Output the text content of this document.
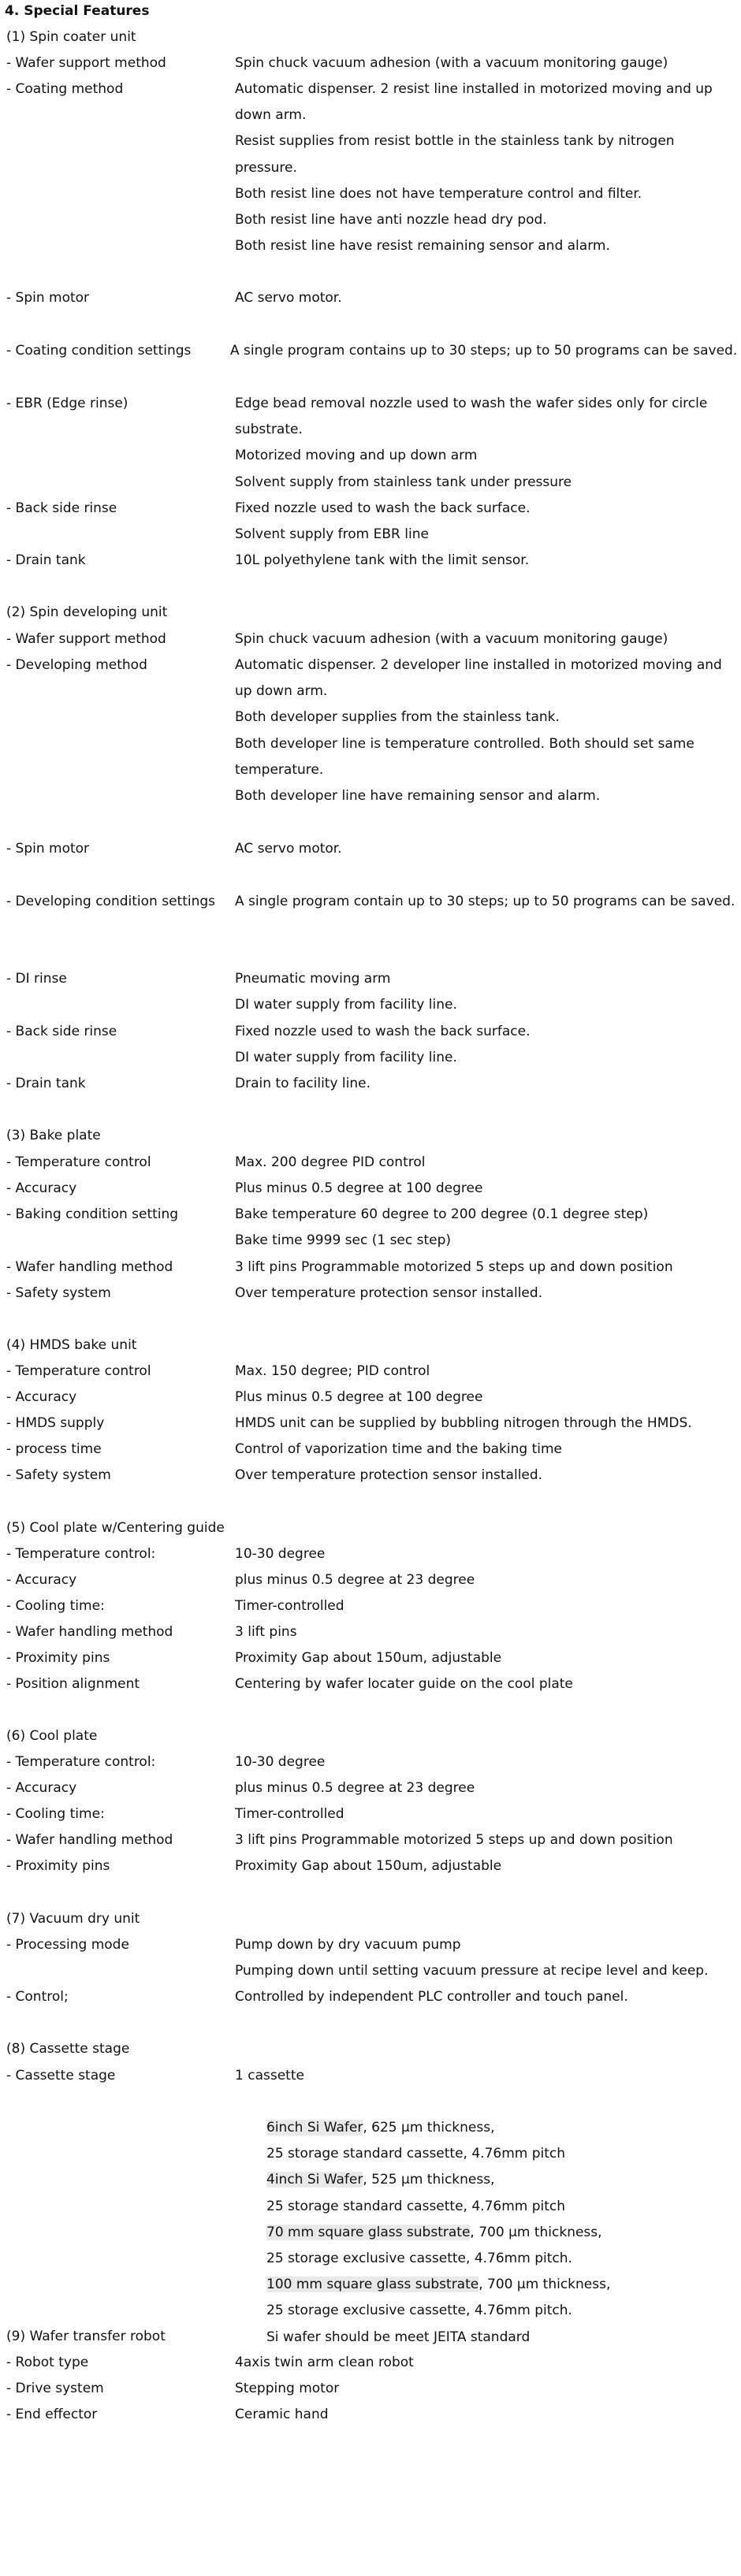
4. Special Features
(1) Spin coater unit
- Wafer support method	Spin chuck vacuum adhesion (with a vacuum monitoring gauge)
- Coating method	Automatic dispenser. 2 resist line installed in motorized moving and up
down arm.
Resist supplies from resist bottle in the stainless tank by nitrogen
pressure.
Both resist line does not have temperature control and filter.
Both resist line have anti nozzle head dry pod.
Both resist line have resist remaining sensor and alarm.
- Spin motor	AC servo motor.
- Coating condition settings	A single program contains up to 30 steps; up to 50 programs can be saved.
- EBR (Edge rinse)	Edge bead removal nozzle used to wash the wafer sides only for circle
substrate.
Motorized moving and up down arm
Solvent supply from stainless tank under pressure
- Back side rinse	Fixed nozzle used to wash the back surface.
Solvent supply from EBR line
- Drain tank	10L polyethylene tank with the limit sensor.
(2) Spin developing unit
- Wafer support method	Spin chuck vacuum adhesion (with a vacuum monitoring gauge)
- Developing method	Automatic dispenser. 2 developer line installed in motorized moving and
up down arm.
Both developer supplies from the stainless tank.
Both developer line is temperature controlled. Both should set same
temperature.
Both developer line have remaining sensor and alarm.
- Spin motor	AC servo motor.
- Developing condition settings A single program contain up to 30 steps; up to 50 programs can be saved.
- DI rinse	Pneumatic moving arm
DI water supply from facility line.
- Back side rinse	Fixed nozzle used to wash the back surface.
DI water supply from facility line.
- Drain tank	Drain to facility line.
(3) Bake plate
- Temperature control	Max. 200 degree PID control
- Accuracy	Plus minus 0.5 degree at 100 degree
- Baking condition setting	Bake temperature 60 degree to 200 degree (0.1 degree step)
Bake time 9999 sec (1 sec step)
- Wafer handling method	3 lift pins Programmable motorized 5 steps up and down position
- Safety system	Over temperature protection sensor installed.
(4) HMDS bake unit
- Temperature control	Max. 150 degree; PID control
- Accuracy	Plus minus 0.5 degree at 100 degree
- HMDS supply	HMDS unit can be supplied by bubbling nitrogen through the HMDS.
- process time	Control of vaporization time and the baking time
- Safety system	Over temperature protection sensor installed.
(5) Cool plate w/Centering guide
- Temperature control:	10-30 degree
- Accuracy	plus minus 0.5 degree at 23 degree
- Cooling time:	Timer-controlled
- Wafer handling method	3 lift pins
- Proximity pins	Proximity Gap about 150um, adjustable
- Position alignment	Centering by wafer locater guide on the cool plate
(6) Cool plate
- Temperature control:	10-30 degree
- Accuracy	plus minus 0.5 degree at 23 degree
- Cooling time:	Timer-controlled
- Wafer handling method	3 lift pins Programmable motorized 5 steps up and down position
- Proximity pins	Proximity Gap about 150um, adjustable
(7) Vacuum dry unit
- Processing mode	Pump down by dry vacuum pump
Pumping down until setting vacuum pressure at recipe level and keep.
- Control;	Controlled by independent PLC controller and touch panel.
(8) Cassette stage
- Cassette stage	1 cassette
6inch Si Wafer, 625 μm thickness,
25 storage standard cassette, 4.76mm pitch
4inch Si Wafer, 525 μm thickness,
25 storage standard cassette, 4.76mm pitch
70 mm square glass substrate, 700 μm thickness,
25 storage exclusive cassette, 4.76mm pitch.
100 mm square glass substrate, 700 μm thickness,
25 storage exclusive cassette, 4.76mm pitch.
Si wafer should be meet JEITA standard
(9) Wafer transfer robot
- Robot type	4axis twin arm clean robot
- Drive system	Stepping motor
- End effector	Ceramic hand
